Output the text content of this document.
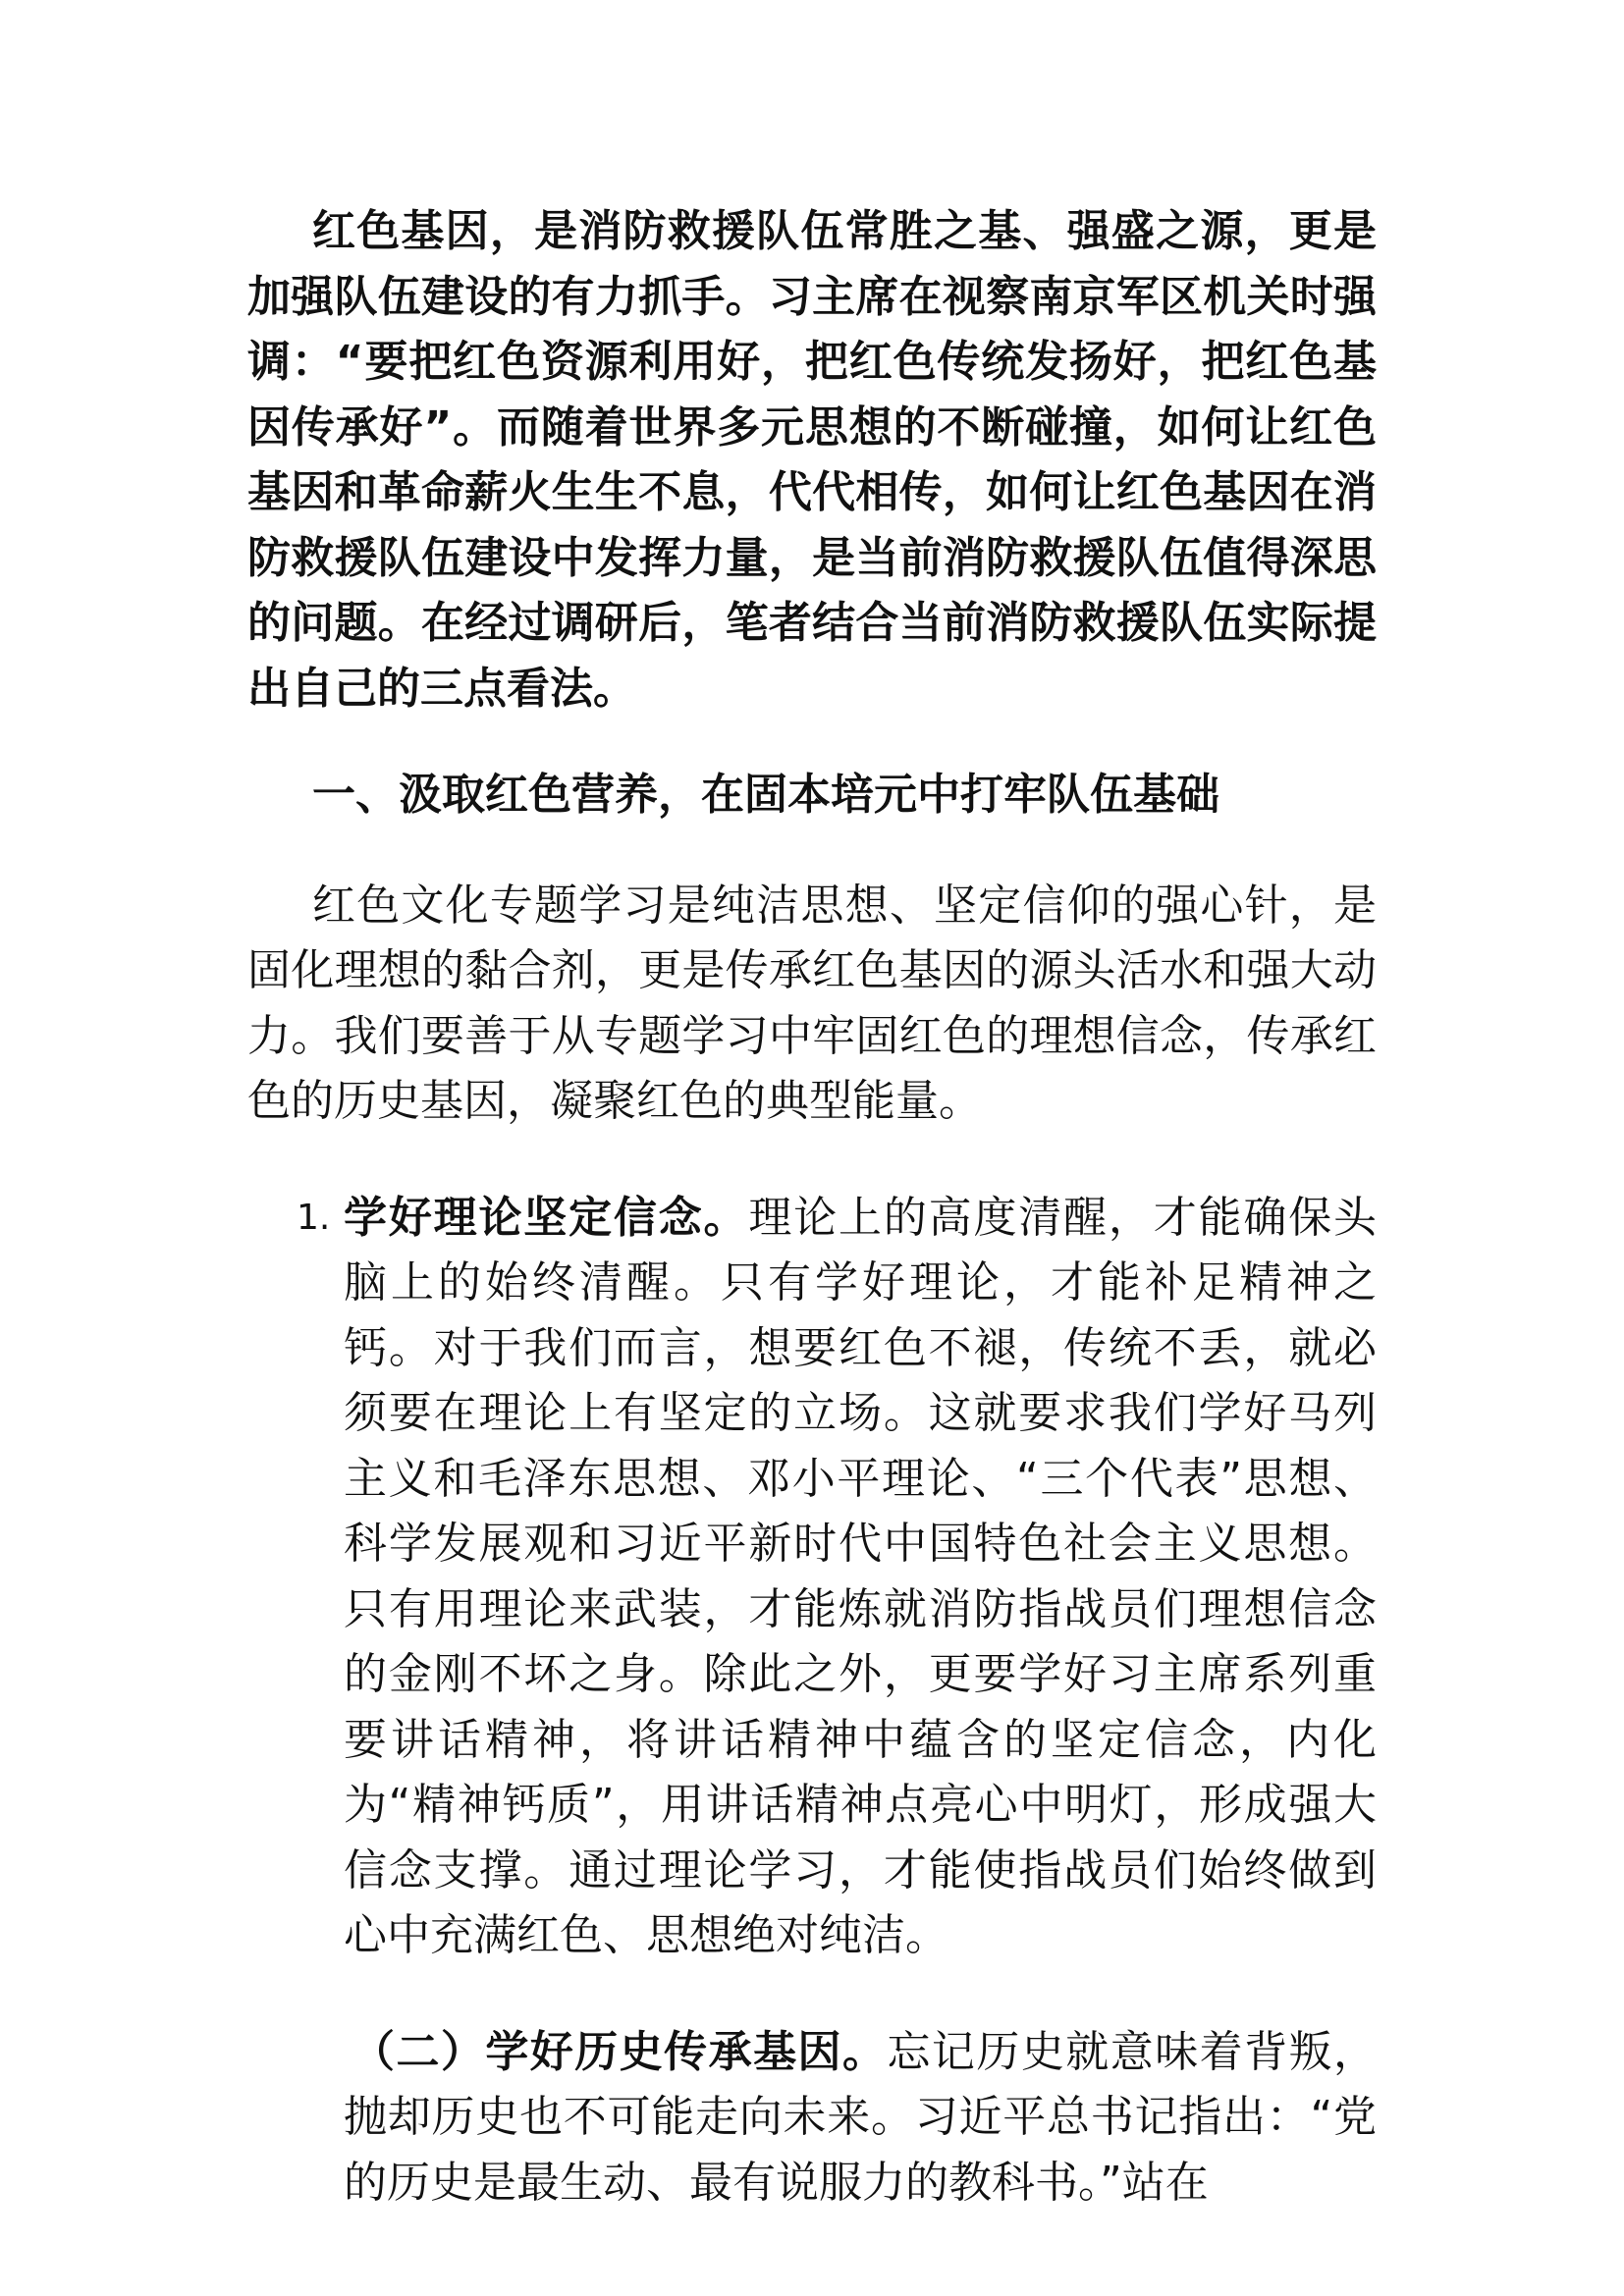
红色基因，是消防救援队伍常胜之基、强盛之源，更是加强队伍建设的有力抓手。习主席在视察南京军区机关时强调：“要把红色资源利用好，把红色传统发扬好，把红色基因传承好”。而随着世界多元思想的不断碰撞，如何让红色基因和革命薪火生生不息，代代相传，如何让红色基因在消防救援队伍建设中发挥力量，是当前消防救援队伍值得深思的问题。在经过调研后，笔者结合当前消防救援队伍实际提出自己的三点看法。

一、汲取红色营养，在固本培元中打牢队伍基础

红色文化专题学习是纯洁思想、坚定信仰的强心针，是固化理想的黏合剂，更是传承红色基因的源头活水和强大动力。我们要善于从专题学习中牢固红色的理想信念，传承红色的历史基因，凝聚红色的典型能量。

1. 学好理论坚定信念。理论上的高度清醒，才能确保头脑上的始终清醒。只有学好理论，才能补足精神之钙。对于我们而言，想要红色不褪，传统不丢，就必须要在理论上有坚定的立场。这就要求我们学好马列主义和毛泽东思想、邓小平理论、“三个代表”思想、科学发展观和习近平新时代中国特色社会主义思想。只有用理论来武装，才能炼就消防指战员们理想信念的金刚不坏之身。除此之外，更要学好习主席系列重要讲话精神，将讲话精神中蕴含的坚定信念，内化为“精神钙质”，用讲话精神点亮心中明灯，形成强大信念支撑。通过理论学习，才能使指战员们始终做到心中充满红色、思想绝对纯洁。

（二）学好历史传承基因。忘记历史就意味着背叛，抛却历史也不可能走向未来。习近平总书记指出：“党的历史是最生动、最有说服力的教科书。”站在
